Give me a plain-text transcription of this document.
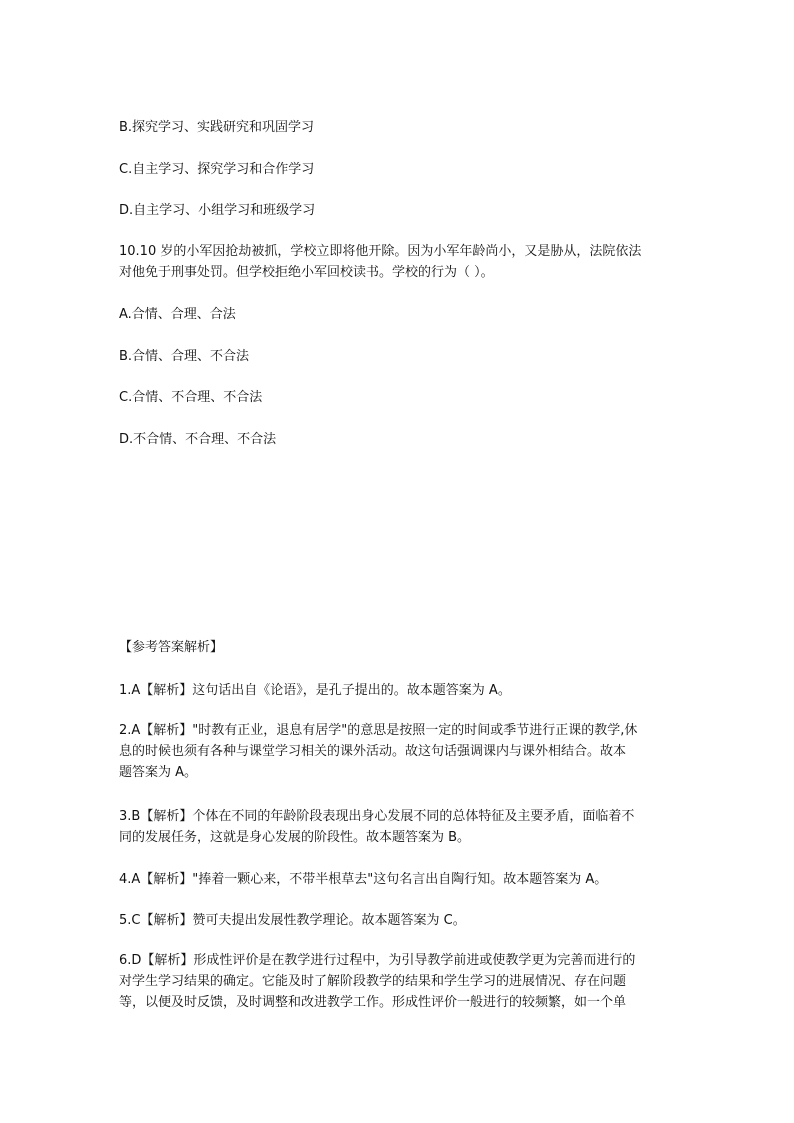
B.探究学习、实践研究和巩固学习
C.自主学习、探究学习和合作学习
D.自主学习、小组学习和班级学习

10.10 岁的小军因抢劫被抓，学校立即将他开除。因为小军年龄尚小，又是胁从，法院依法

对他免于刑事处罚。但学校拒绝小军回校读书。学校的行为（ ）。

A.合情、合理、合法
B.合情、合理、不合法
C.合情、不合理、不合法
D.不合情、不合理、不合法
【参考答案解析】

1.A【解析】这句话出自《论语》，是孔子提出的。故本题答案为 A。

2.A【解析】"时教有正业，退息有居学"的意思是按照一定的时间或季节进行正课的教学,休

息的时候也须有各种与课堂学习相关的课外活动。故这句话强调课内与课外相结合。故本

题答案为 A。

3.B【解析】个体在不同的年龄阶段表现出身心发展不同的总体特征及主要矛盾，面临着不

同的发展任务，这就是身心发展的阶段性。故本题答案为 B。

4.A【解析】"捧着一颗心来，不带半根草去"这句名言出自陶行知。故本题答案为 A。

5.C【解析】赞可夫提出发展性教学理论。故本题答案为 C。

6.D【解析】形成性评价是在教学进行过程中，为引导教学前进或使教学更为完善而进行的

对学生学习结果的确定。它能及时了解阶段教学的结果和学生学习的进展情况、存在问题

等，以便及时反馈，及时调整和改进教学工作。形成性评价一般进行的较频繁，如一个单
